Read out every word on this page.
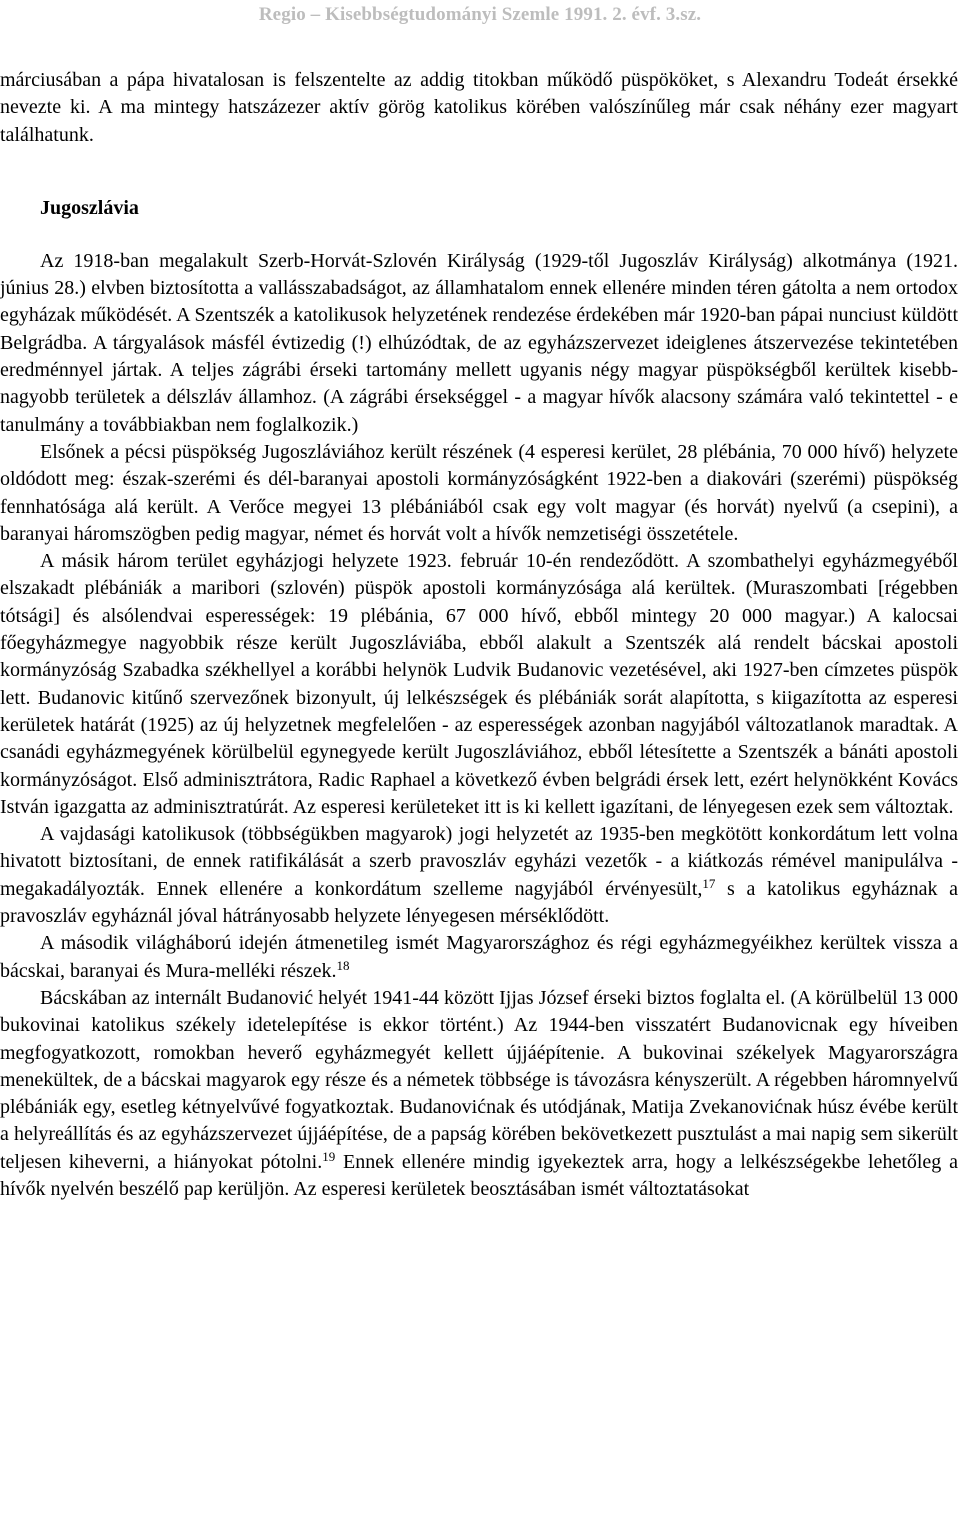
Regio – Kisebbségtudományi Szemle 1991. 2. évf. 3.sz.

márciusában a pápa hivatalosan is felszentelte az addig titokban működő püspököket, s Alexandru Todeát érsekké nevezte ki. A ma mintegy hatszázezer aktív görög katolikus körében valószínűleg már csak néhány ezer magyart találhatunk.

Jugoszlávia

Az 1918-ban megalakult Szerb-Horvát-Szlovén Királyság (1929-től Jugoszláv Királyság) alkotmánya (1921. június 28.) elvben biztosította a vallásszabadságot, az államhatalom ennek ellenére minden téren gátolta a nem ortodox egyházak működését. A Szentszék a katolikusok helyzetének rendezése érdekében már 1920-ban pápai nunciust küldött Belgrádba. A tárgyalások másfél évtizedig (!) elhúzódtak, de az egyházszervezet ideiglenes átszervezése tekintetében eredménnyel jártak. A teljes zágrábi érseki tartomány mellett ugyanis négy magyar püspökségből kerültek kisebb-nagyobb területek a délszláv államhoz. (A zágrábi érsekséggel - a magyar hívők alacsony számára való tekintettel - e tanulmány a továbbiakban nem foglalkozik.)

Elsőnek a pécsi püspökség Jugoszláviához került részének (4 esperesi kerület, 28 plébánia, 70 000 hívő) helyzete oldódott meg: észak-szerémi és dél-baranyai apostoli kormányzóságként 1922-ben a diakovári (szerémi) püspökség fennhatósága alá került. A Verőce megyei 13 plébániából csak egy volt magyar (és horvát) nyelvű (a csepini), a baranyai háromszögben pedig magyar, német és horvát volt a hívők nemzetiségi összetétele.

A másik három terület egyházjogi helyzete 1923. február 10-én rendeződött. A szombathelyi egyházmegyéből elszakadt plébániák a maribori (szlovén) püspök apostoli kormányzósága alá kerültek. (Muraszombati [régebben tótsági] és alsólendvai esperességek: 19 plébánia, 67 000 hívő, ebből mintegy 20 000 magyar.) A kalocsai főegyházmegye nagyobbik része került Jugoszláviába, ebből alakult a Szentszék alá rendelt bácskai apostoli kormányzóság Szabadka székhellyel a korábbi helynök Ludvik Budanovic vezetésével, aki 1927-ben címzetes püspök lett. Budanovic kitűnő szervezőnek bizonyult, új lelkészségek és plébániák sorát alapította, s kiigazította az esperesi kerületek határát (1925) az új helyzetnek megfelelően - az esperességek azonban nagyjából változatlanok maradtak. A csanádi egyházmegyének körülbelül egynegyede került Jugoszláviához, ebből létesítette a Szentszék a bánáti apostoli kormányzóságot. Első adminisztrátora, Radic Raphael a következő évben belgrádi érsek lett, ezért helynökként Kovács István igazgatta az adminisztratúrát. Az esperesi kerületeket itt is ki kellett igazítani, de lényegesen ezek sem változtak.

A vajdasági katolikusok (többségükben magyarok) jogi helyzetét az 1935-ben megkötött konkordátum lett volna hivatott biztosítani, de ennek ratifikálását a szerb pravoszláv egyházi vezetők - a kiátkozás rémével manipulálva - megakadályozták. Ennek ellenére a konkordátum szelleme nagyjából érvényesült,$^{17}$ s a katolikus egyháznak a pravoszláv egyháznál jóval hátrányosabb helyzete lényegesen mérséklődött.

A második világháború idején átmenetileg ismét Magyarországhoz és régi egyházmegyéikhez kerültek vissza a bácskai, baranyai és Mura-melléki részek.$^{18}$

Bácskában az internált Budanović helyét 1941-44 között Ijjas József érseki biztos foglalta el. (A körülbelül 13 000 bukovinai katolikus székely idetelepítése is ekkor történt.) Az 1944-ben visszatért Budanovicnak egy híveiben megfogyatkozott, romokban heverő egyházmegyét kellett újjáépítenie. A bukovinai székelyek Magyarországra menekültek, de a bácskai magyarok egy része és a németek többsége is távozásra kényszerült. A régebben háromnyelvű plébániák egy, esetleg kétnyelvűvé fogyatkoztak. Budanovićnak és utódjának, Matija Zvekanovićnak húsz évébe került a helyreállítás és az egyházszervezet újjáépítése, de a papság körében bekövetkezett pusztulást a mai napig sem sikerült teljesen kiheverni, a hiányokat pótolni.$^{19}$ Ennek ellenére mindig igyekeztek arra, hogy a lelkészségekbe lehetőleg a hívők nyelvén beszélő pap kerüljön. Az esperesi kerületek beosztásában ismét változtatásokat
